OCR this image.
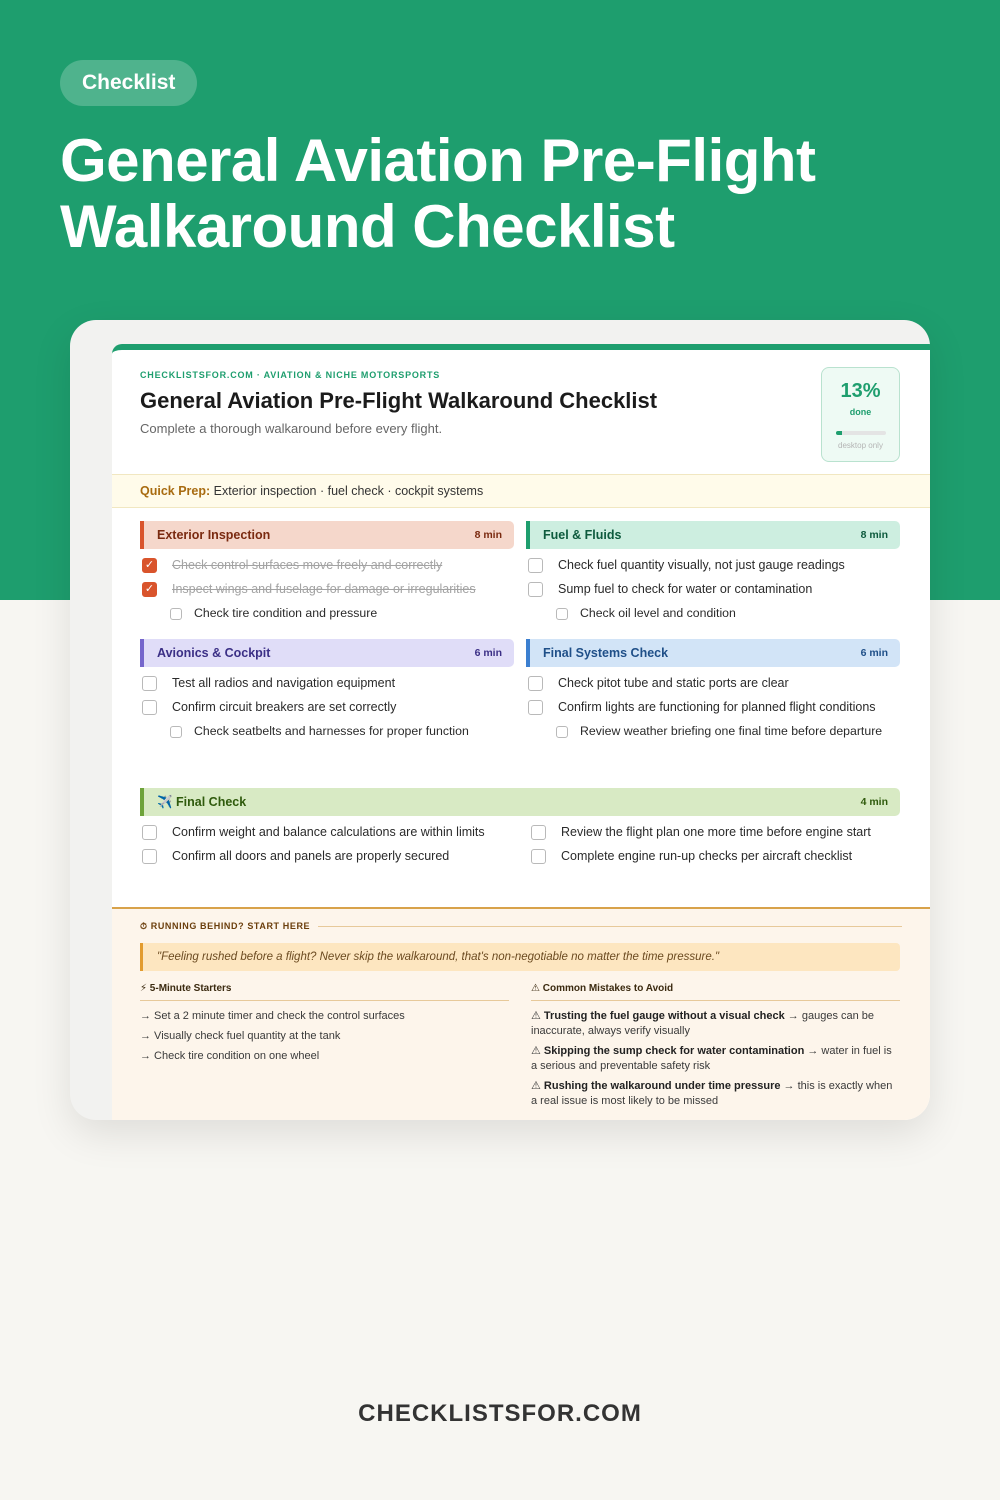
Checklist
General Aviation Pre-Flight Walkaround Checklist
CHECKLISTSFOR.COM · AVIATION & NICHE MOTORSPORTS
General Aviation Pre-Flight Walkaround Checklist
Complete a thorough walkaround before every flight.
13%
done
desktop only
Quick Prep: Exterior inspection · fuel check · cockpit systems
Exterior Inspection	8 min
✓ Check control surfaces move freely and correctly
✓ Inspect wings and fuselage for damage or irregularities
Check tire condition and pressure
Fuel & Fluids	8 min
Check fuel quantity visually, not just gauge readings
Sump fuel to check for water or contamination
Check oil level and condition
Avionics & Cockpit	6 min
Test all radios and navigation equipment
Confirm circuit breakers are set correctly
Check seatbelts and harnesses for proper function
Final Systems Check	6 min
Check pitot tube and static ports are clear
Confirm lights are functioning for planned flight conditions
Review weather briefing one final time before departure
✈️ Final Check	4 min
Confirm weight and balance calculations are within limits
Confirm all doors and panels are properly secured
Review the flight plan one more time before engine start
Complete engine run-up checks per aircraft checklist
⏱ RUNNING BEHIND? START HERE
"Feeling rushed before a flight? Never skip the walkaround, that's non-negotiable no matter the time pressure."
⚡ 5-Minute Starters
→ Set a 2 minute timer and check the control surfaces
→ Visually check fuel quantity at the tank
→ Check tire condition on one wheel
⚠ Common Mistakes to Avoid
⚠ Trusting the fuel gauge without a visual check → gauges can be inaccurate, always verify visually
⚠ Skipping the sump check for water contamination → water in fuel is a serious and preventable safety risk
⚠ Rushing the walkaround under time pressure → this is exactly when a real issue is most likely to be missed
CHECKLISTSFOR.COM
